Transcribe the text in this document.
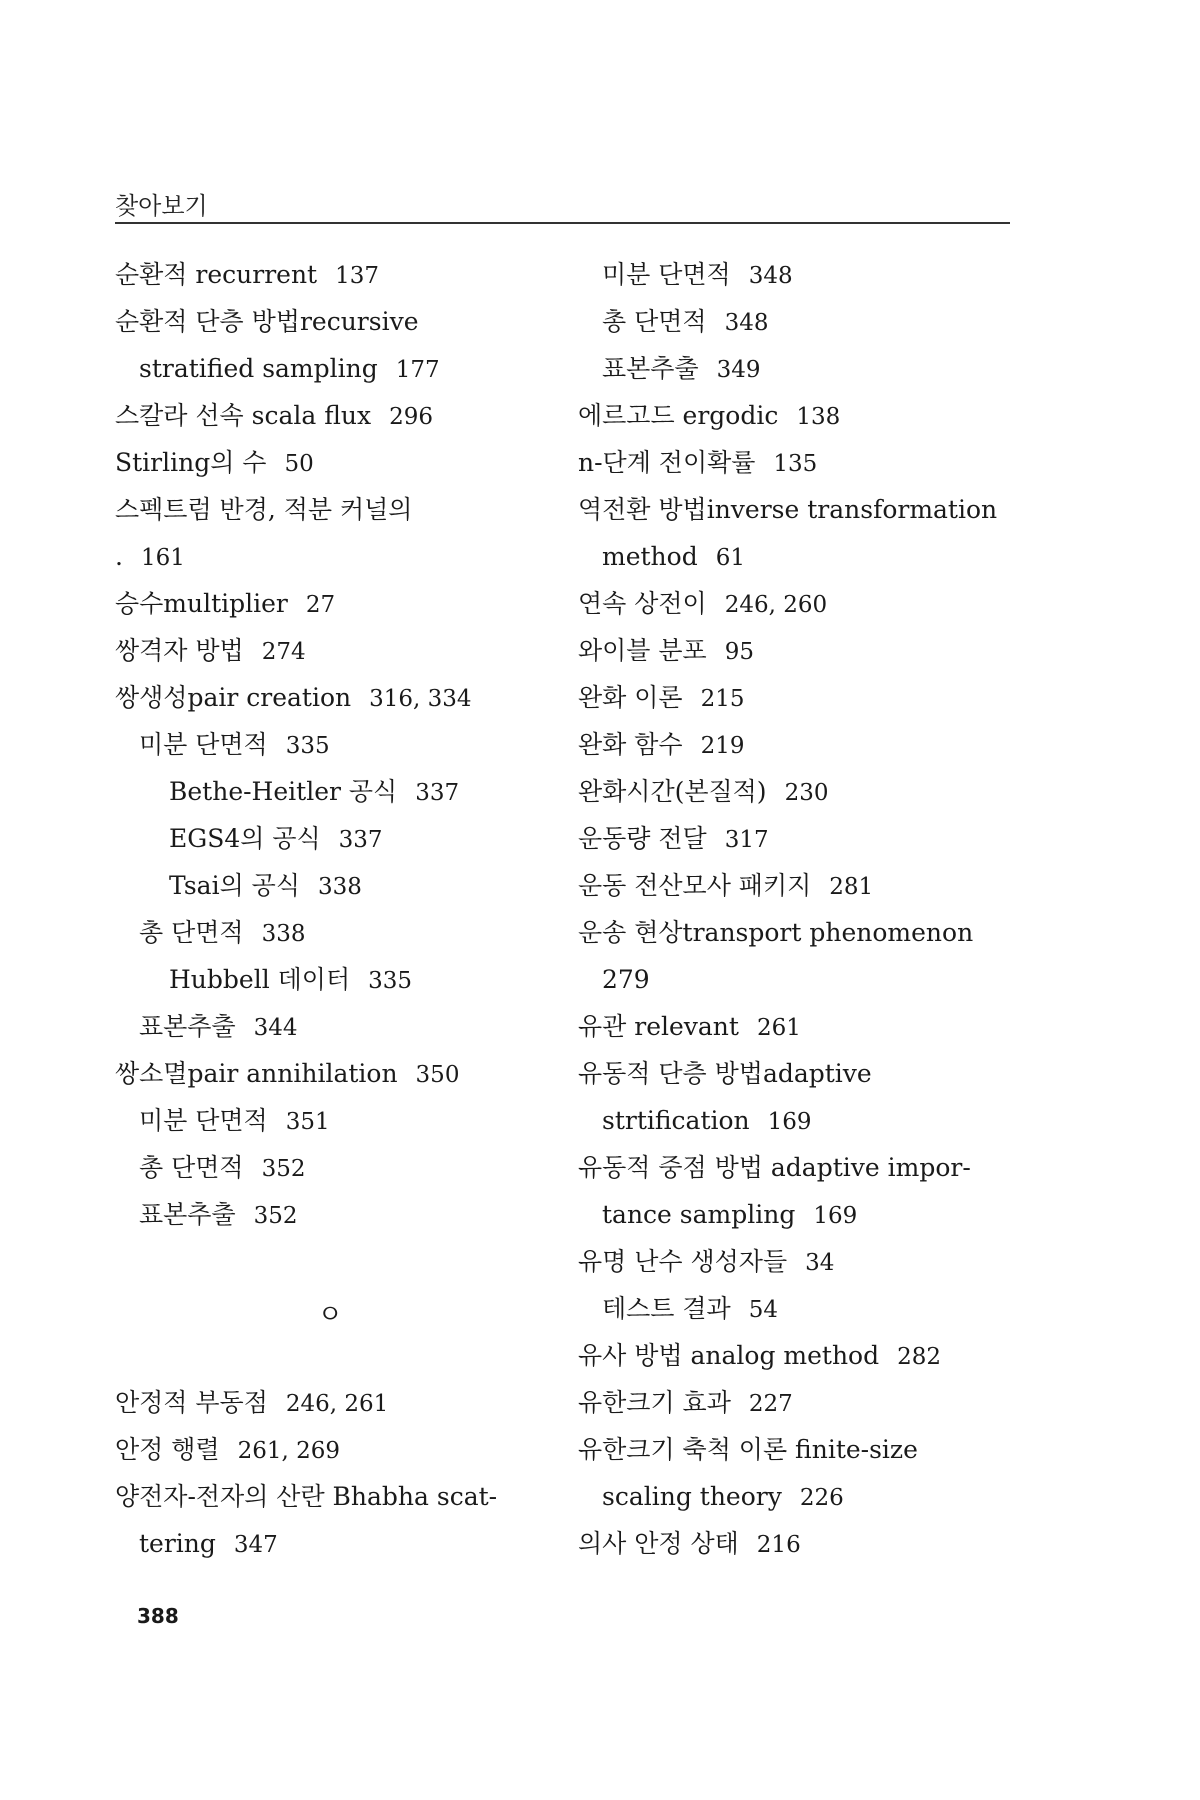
찾아보기
순환적 recurrent 137
순환적 단층 방법recursive
stratified sampling 177
스칼라 선속 scala flux 296
Stirling의 수 50
스펙트럼 반경, 적분 커널의
. 161
승수multiplier 27
쌍격자 방법 274
쌍생성pair creation 316, 334
미분 단면적 335
Bethe-Heitler 공식 337
EGS4의 공식 337
Tsai의 공식 338
총 단면적 338
Hubbell 데이터 335
표본추출 344
쌍소멸pair annihilation 350
미분 단면적 351
총 단면적 352
표본추출 352
ㅇ
안정적 부동점 246, 261
안정 행렬 261, 269
양전자-전자의 산란 Bhabha scat-
tering 347
미분 단면적 348
총 단면적 348
표본추출 349
에르고드 ergodic 138
n-단계 전이확률 135
역전환 방법inverse transformation
method 61
연속 상전이 246, 260
와이블 분포 95
완화 이론 215
완화 함수 219
완화시간(본질적) 230
운동량 전달 317
운동 전산모사 패키지 281
운송 현상transport phenomenon
279
유관 relevant 261
유동적 단층 방법adaptive
strtification 169
유동적 중점 방법 adaptive impor-
tance sampling 169
유명 난수 생성자들 34
테스트 결과 54
유사 방법 analog method 282
유한크기 효과 227
유한크기 축척 이론 finite-size
scaling theory 226
의사 안정 상태 216
388
